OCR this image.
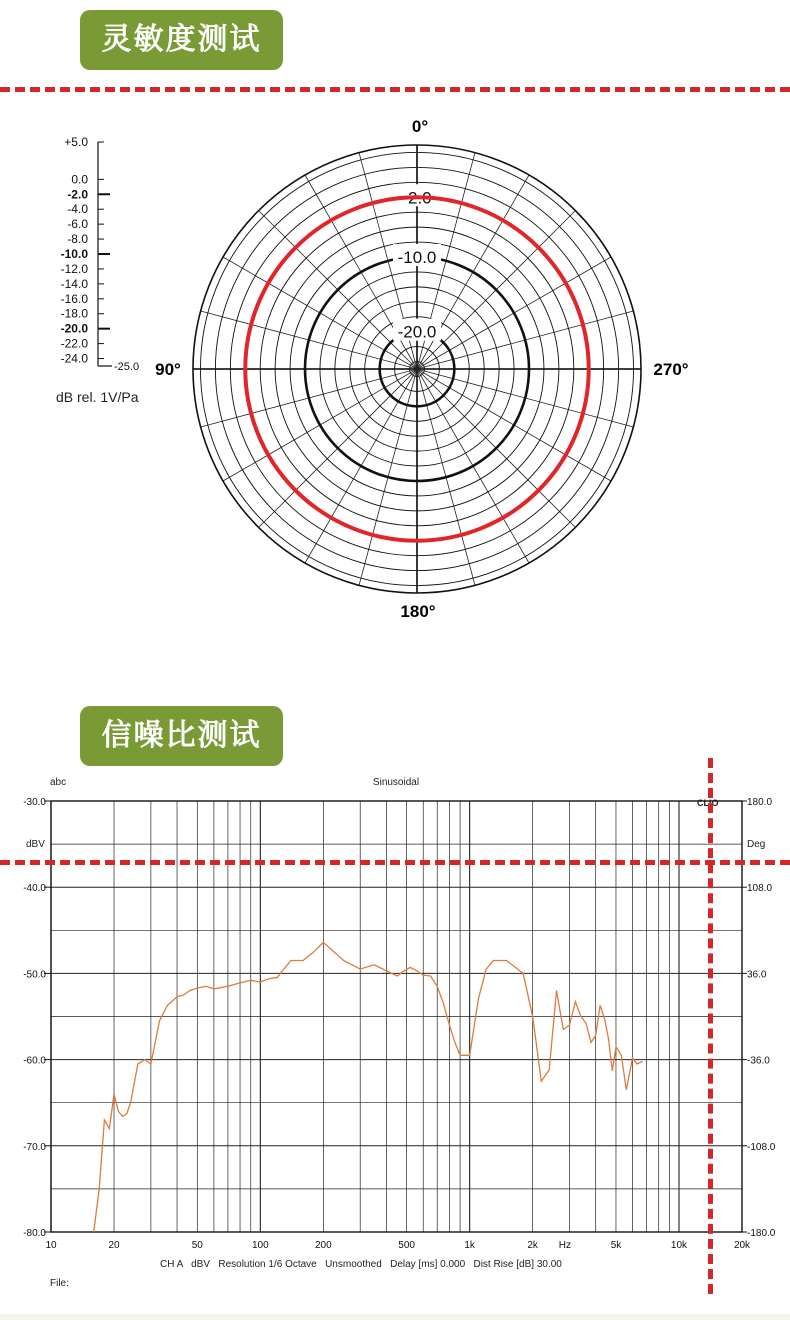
灵敏度测试
+5.0
0.0
-2.0
-4.0
-6.0
-8.0
-10.0
-12.0
-14.0
-16.0
-18.0
-20.0
-22.0
-24.0
-25.0
dB rel. 1V/Pa
-2.0
-10.0
-20.0
0°
90°	270°
180°
信噪比测试
abc	Sinusoidal
-30.0
-40.0
-50.0
-60.0
-70.0
-80.0
180.0
108.0
36.0
-36.0
-108.0
-180.0
10	20	50	100	200	500	1k	2k Hz	5k	10k	20k
dBV	Deg
CLIO
CH A   dBV   Resolution 1/6 Octave   Unsmoothed   Delay [ms] 0.000   Dist Rise [dB] 30.00
File:
